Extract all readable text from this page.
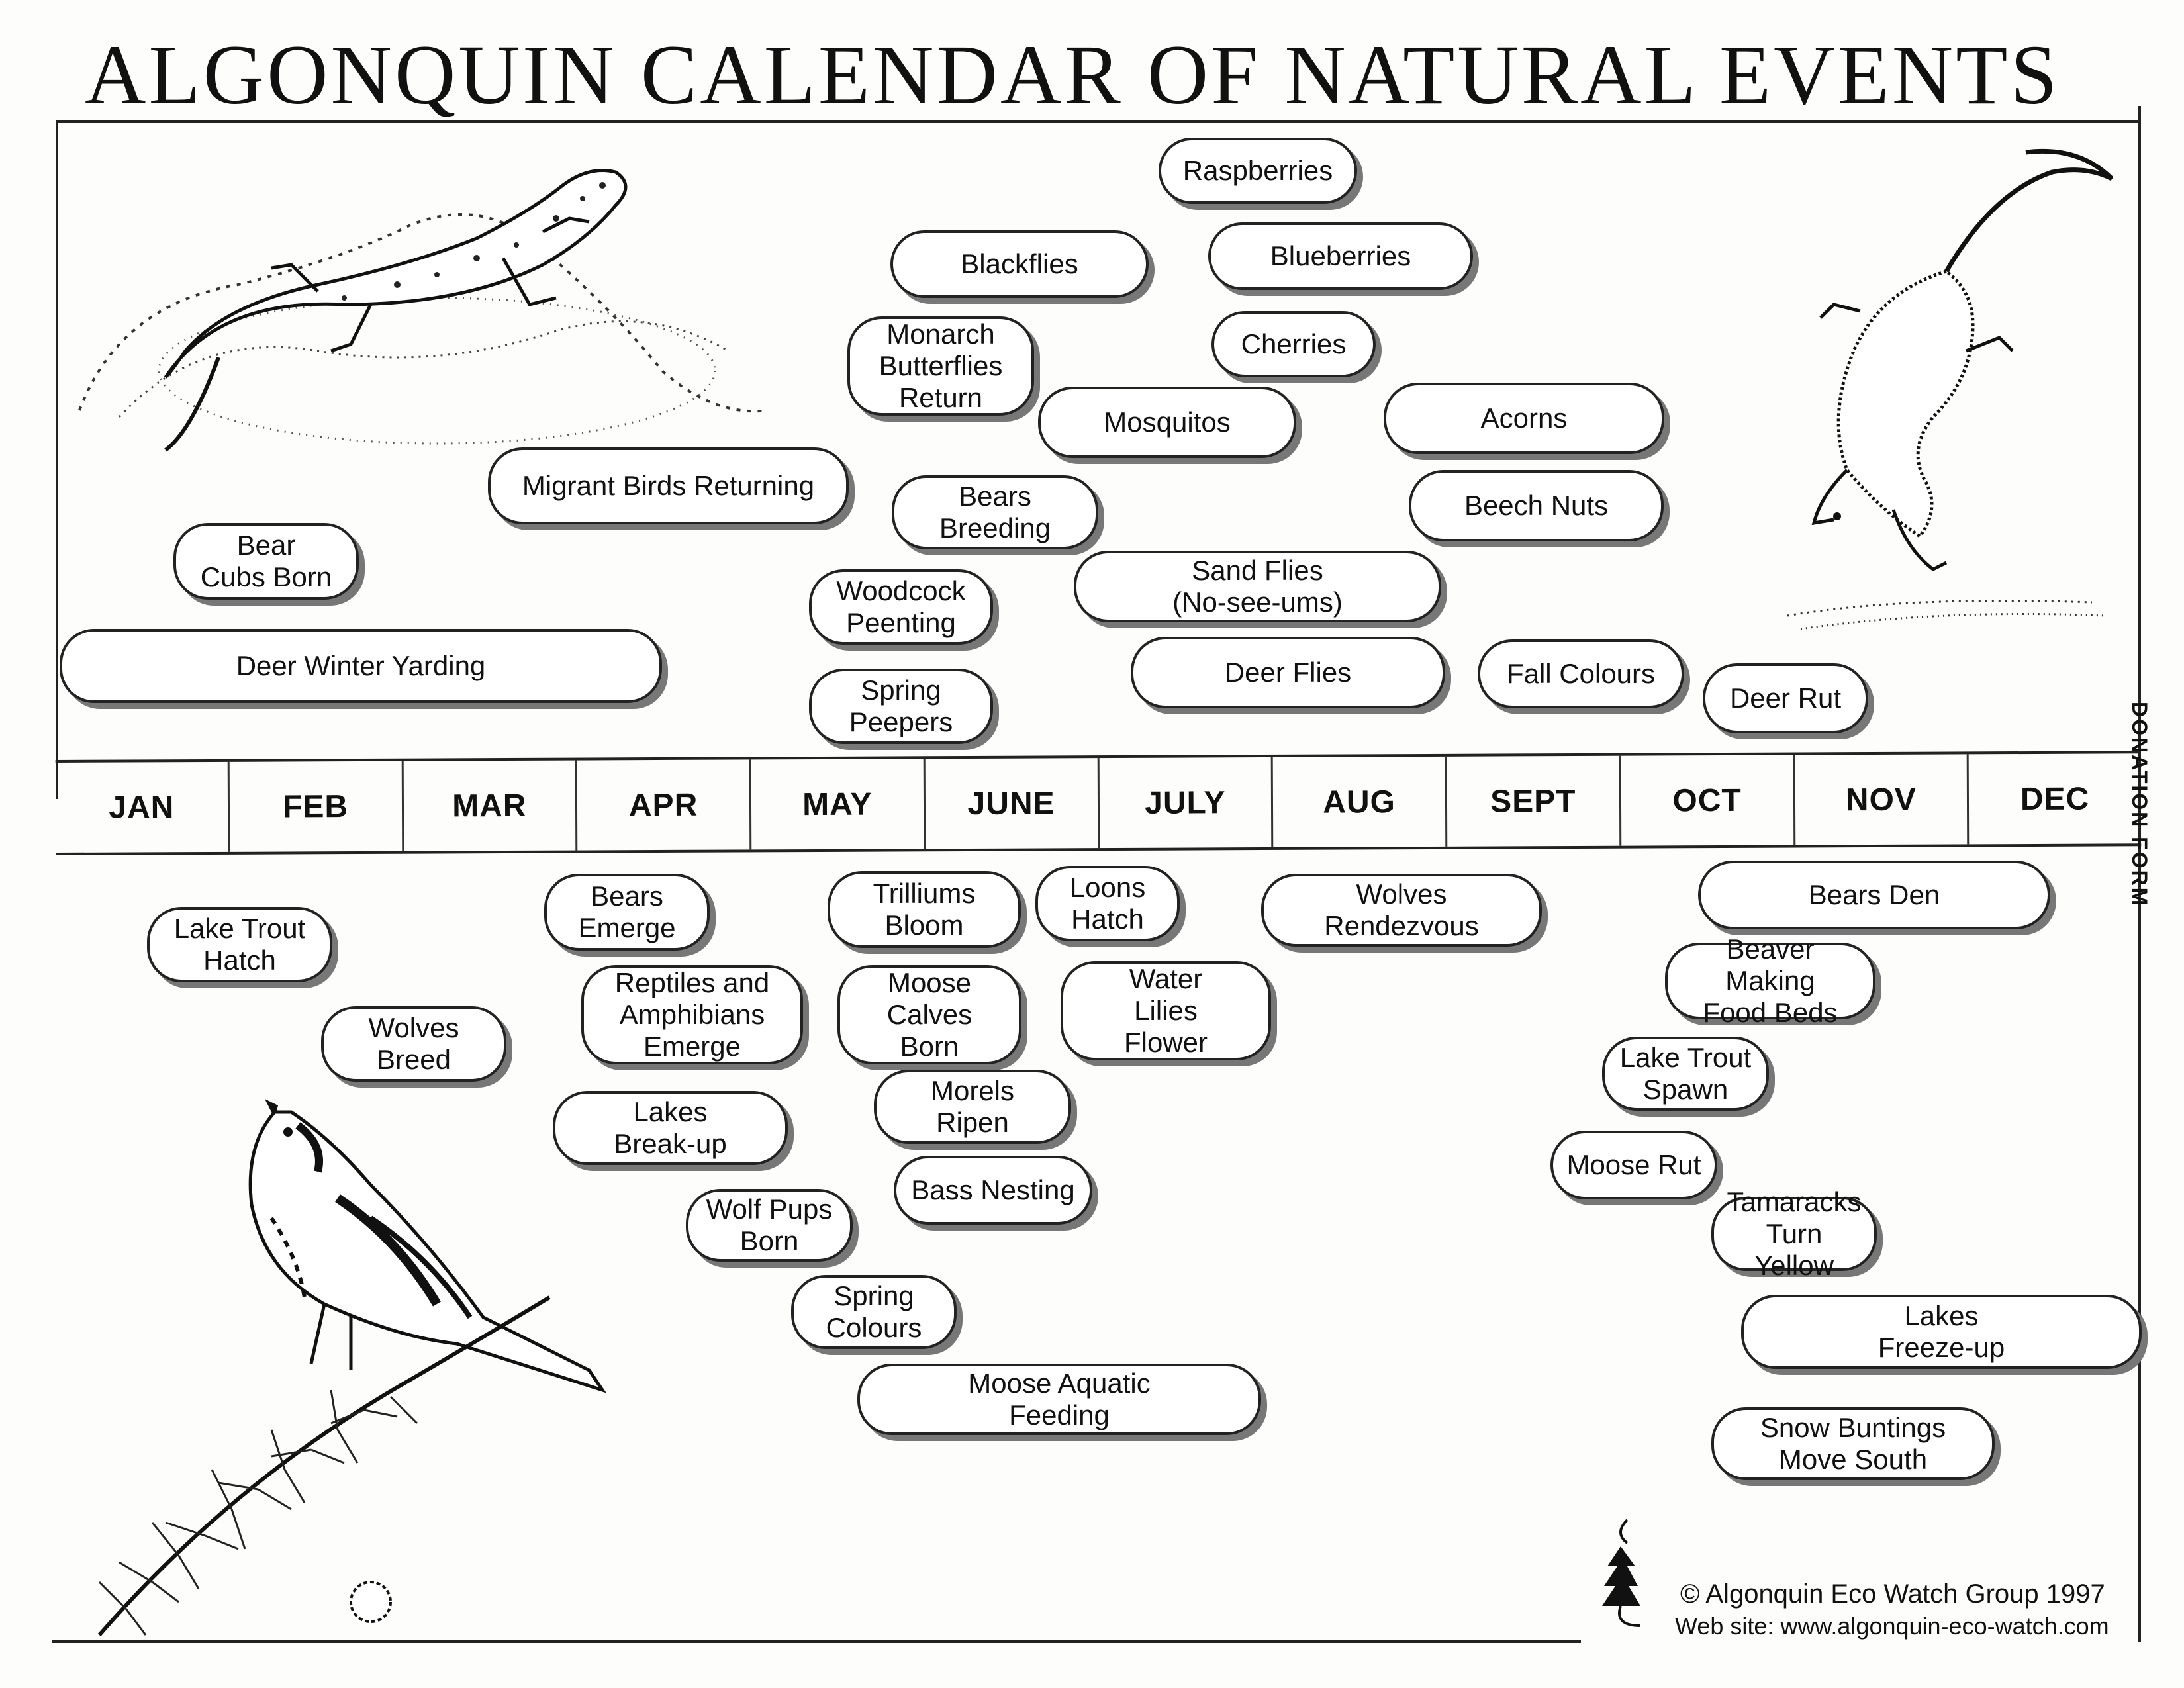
ALGONQUIN CALENDAR OF NATURAL EVENTS
JAN	FEB	MAR	APR	MAY	JUNE	JULY	AUG	SEPT	OCT	NOV	DEC
Raspberries
Blackflies	Blueberries
Monarch
Butterflies
Return
Cherries
Mosquitos	Acorns
Migrant Birds Returning	Bears
Breeding
Beech Nuts
Bear
Cubs Born	Woodcock
Peenting
Sand Flies
(No-see-ums)
Deer Winter Yarding	Deer Flies	Fall Colours
Deer Rut
Spring
Peepers
Lake Trout
Hatch
Bears
Emerge
Trilliums
Bloom
Loons
Hatch
Wolves
Rendezvous
Bears Den
Beaver Making
Food Beds
Wolves
Breed
Reptiles and
Amphibians
Emerge
Moose
Calves
Born
Water
Lilies
Flower	Lake Trout
Spawn
Lakes
Break-up
Morels
Ripen
Moose Rut
Bass Nesting
Wolf Pups
Born
Tamaracks
Turn Yellow
Spring
Colours	Lakes
Freeze-up
Moose Aquatic
Feeding	Snow Buntings
Move South
© Algonquin Eco Watch Group 1997
Web site: www.algonquin-eco-watch.com
DONATION FORM
